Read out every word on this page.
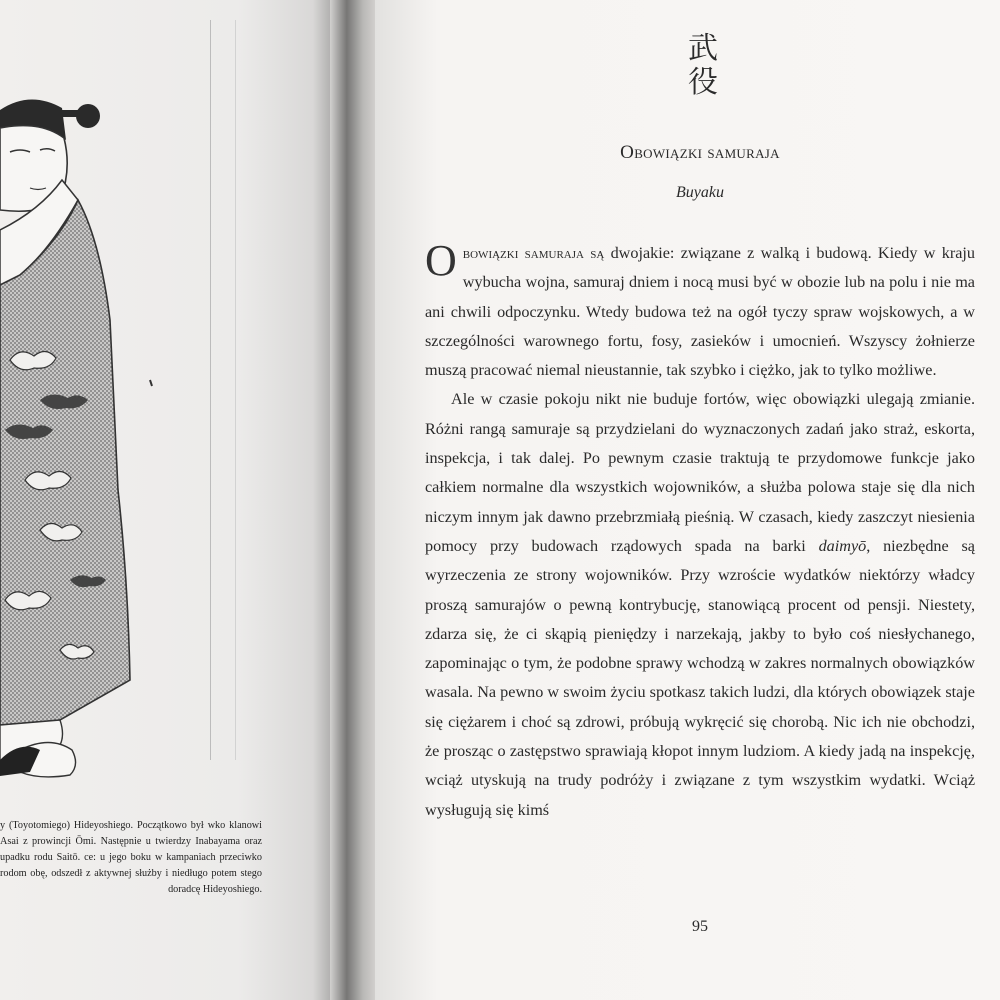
y (Toyotomiego) Hideyoshiego. Początkowo był wko klanowi Asai z prowincji Ōmi. Następnie u twierdzy Inabayama oraz upadku rodu Saitō. ce: u jego boku w kampaniach przeciwko rodom obę, odszedł z aktywnej służby i niedługo potem stego doradcę Hideyoshiego.
武
役
Obowiązki samuraja
Buyaku

Obowiązki samuraja są dwojakie: związane z walką i budową. Kiedy w kraju wybucha wojna, samuraj dniem i nocą musi być w obozie lub na polu i nie ma ani chwili odpoczynku. Wtedy budowa też na ogół tyczy spraw wojskowych, a w szczególności warownego fortu, fosy, zasieków i umocnień. Wszyscy żołnierze muszą pracować niemal nieustannie, tak szybko i ciężko, jak to tylko możliwe.

Ale w czasie pokoju nikt nie buduje fortów, więc obowiązki ulegają zmianie. Różni rangą samuraje są przydzielani do wyznaczonych zadań jako straż, eskorta, inspekcja, i tak dalej. Po pewnym czasie traktują te przydomowe funkcje jako całkiem normalne dla wszystkich wojowników, a służba polowa staje się dla nich niczym innym jak dawno przebrzmiałą pieśnią. W czasach, kiedy zaszczyt niesienia pomocy przy budowach rządowych spada na barki daimyō, niezbędne są wyrzeczenia ze strony wojowników. Przy wzroście wydatków niektórzy władcy proszą samurajów o pewną kontrybucję, stanowiącą procent od pensji. Niestety, zdarza się, że ci skąpią pieniędzy i narzekają, jakby to było coś niesłychanego, zapominając o tym, że podobne sprawy wchodzą w zakres normalnych obowiązków wasala. Na pewno w swoim życiu spotkasz takich ludzi, dla których obowiązek staje się ciężarem i choć są zdrowi, próbują wykręcić się chorobą. Nic ich nie obchodzi, że prosząc o zastępstwo sprawiają kłopot innym ludziom. A kiedy jadą na inspekcję, wciąż utyskują na trudy podróży i związane z tym wszystkim wydatki. Wciąż wysługują się kimś

95
